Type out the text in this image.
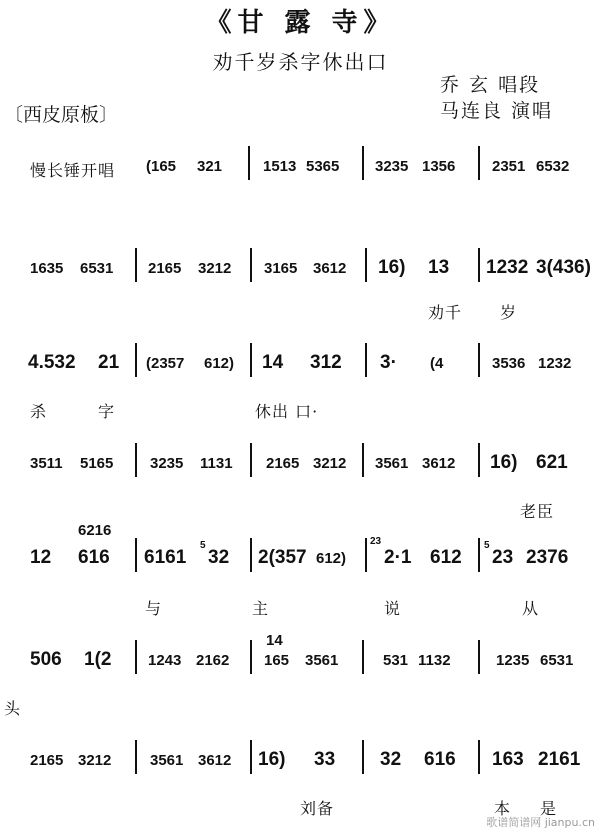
《甘 露 寺》
劝千岁杀字休出口
乔 玄 唱段
马连良 演唱
〔西皮原板〕
慢长锤开唱 (165 321	1513 5365 3235 1356 2351 6532
1635 6531 2165 3212 3165 3612 16) 13 1232 3(436)
劝千 岁
4.532 21 (2357 612) 14 312 3· (4	3536 1232
杀	字	休出 口·
3511 5165 3235 1131 2165 3212 3561 3612 16) 621
老臣
6216
12 616 6161
5
32 2(357 612)
23
2·1 612
5
23 2376
与	主	说	从
506 1(2 1243 2162
14
165 3561	531 1132	1235 6531
头
2165 3212	3561 3612 16) 33 32 616 163 2161
刘备	本 是
歌谱简谱网 jianpu.cn
